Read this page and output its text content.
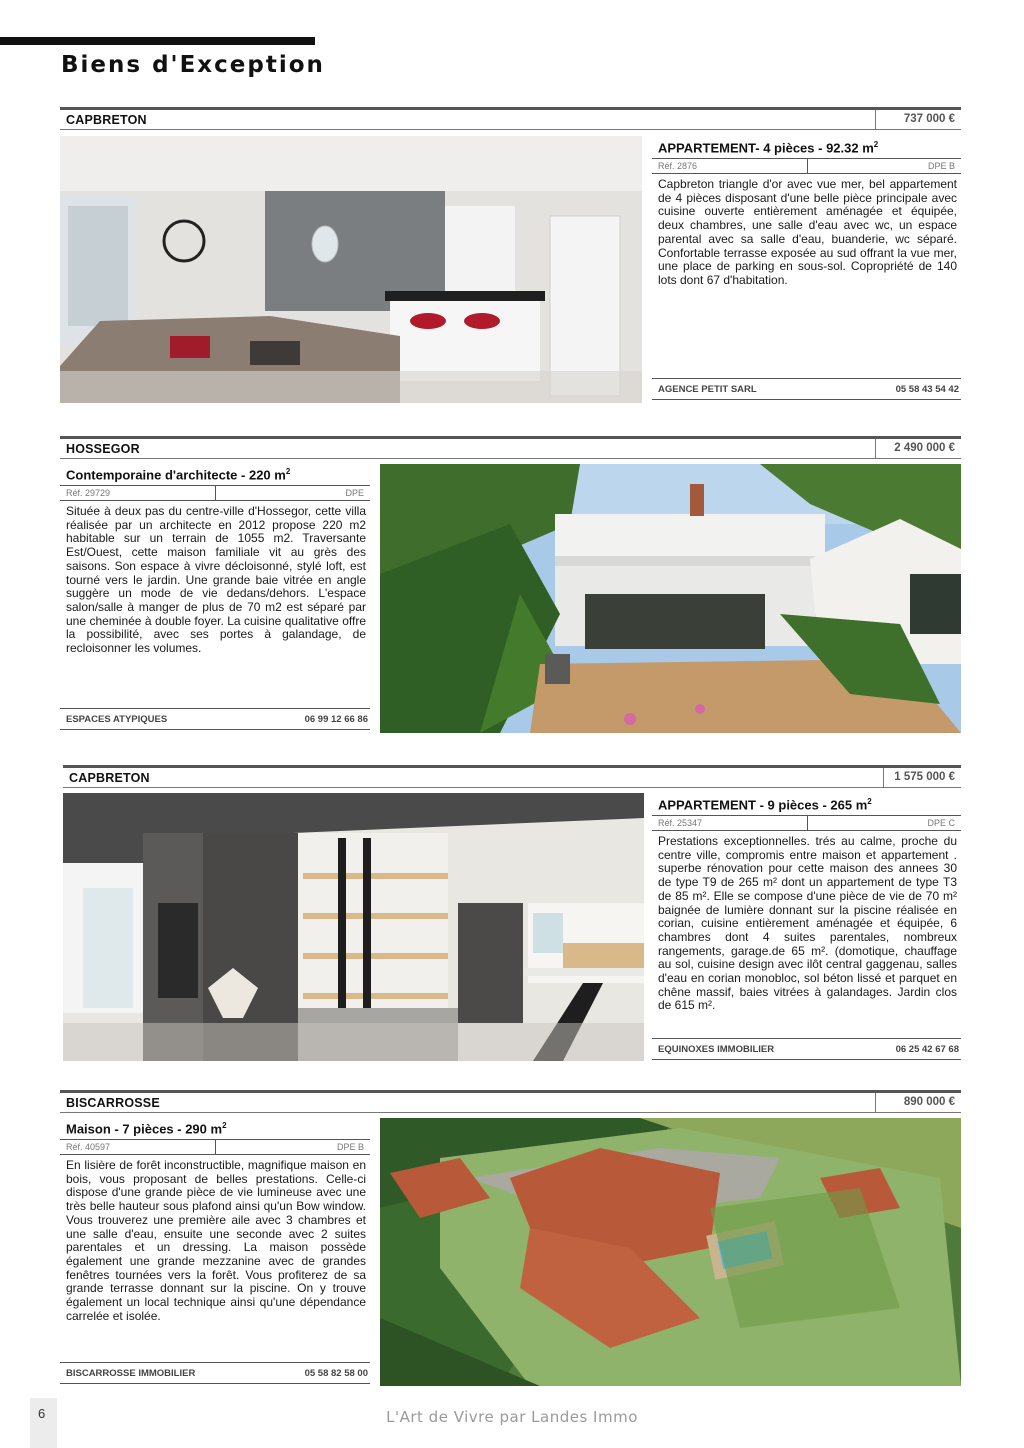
Biens d'Exception
CAPBRETON	737 000 €
APPARTEMENT- 4 pièces - 92.32 $m^2$
Réf. 2876	DPE B
Capbreton triangle d'or avec vue mer, bel appartement de 4 pièces disposant d'une belle pièce principale avec cuisine ouverte entièrement aménagée et équipée, deux chambres, une salle d'eau avec wc, un espace parental avec sa salle d'eau, buanderie, wc séparé. Confortable terrasse exposée au sud offrant la vue mer, une place de parking en sous-sol. Copropriété de 140 lots dont 67 d'habitation.
AGENCE PETIT SARL	05 58 43 54 42
HOSSEGOR	2 490 000 €
Contemporaine d'architecte - 220 $m^2$
Réf. 29729	DPE
Située à deux pas du centre-ville d'Hossegor, cette villa réalisée par un architecte en 2012 propose 220 m2 habitable sur un terrain de 1055 m2. Traversante Est/Ouest, cette maison familiale vit au grès des saisons. Son espace à vivre décloisonné, stylé loft, est tourné vers le jardin. Une grande baie vitrée en angle suggère un mode de vie dedans/dehors. L'espace salon/salle à manger de plus de 70 m2 est séparé par une cheminée à double foyer. La cuisine qualitative offre la possibilité, avec ses portes à galandage, de recloisonner les volumes.
ESPACES ATYPIQUES	06 99 12 66 86
CAPBRETON	1 575 000 €
APPARTEMENT - 9 pièces - 265 $m^2$
Réf. 25347	DPE C
Prestations exceptionnelles. trés au calme, proche du centre ville, compromis entre maison et appartement . superbe rénovation pour cette maison des annees 30 de type T9 de 265 m² dont un appartement de type T3 de 85 m². Elle se compose d'une pièce de vie de 70 m² baignée de lumière donnant sur la piscine réalisée en corian, cuisine entièrement aménagée et équipée, 6 chambres dont 4 suites parentales, nombreux rangements, garage.de 65 m². (domotique, chauffage au sol, cuisine design avec ilôt central gaggenau, salles d'eau en corian monobloc, sol béton lissé et parquet en chêne massif, baies vitrées à galandages. Jardin clos de 615 m².
EQUINOXES IMMOBILIER	06 25 42 67 68
BISCARROSSE	890 000 €
Maison - 7 pièces - 290 $m^2$
Réf. 40597	DPE B
En lisière de forêt inconstructible, magnifique maison en bois, vous proposant de belles prestations. Celle-ci dispose d'une grande pièce de vie lumineuse avec une très belle hauteur sous plafond ainsi qu'un Bow window. Vous trouverez une première aile avec 3 chambres et une salle d'eau, ensuite une seconde avec 2 suites parentales et un dressing. La maison possède également une grande mezzanine avec de grandes fenêtres tournées vers la forêt. Vous profiterez de sa grande terrasse donnant sur la piscine. On y trouve également un local technique ainsi qu'une dépendance carrelée et isolée.
BISCARROSSE IMMOBILIER	05 58 82 58 00
6	L'Art de Vivre par Landes Immo
